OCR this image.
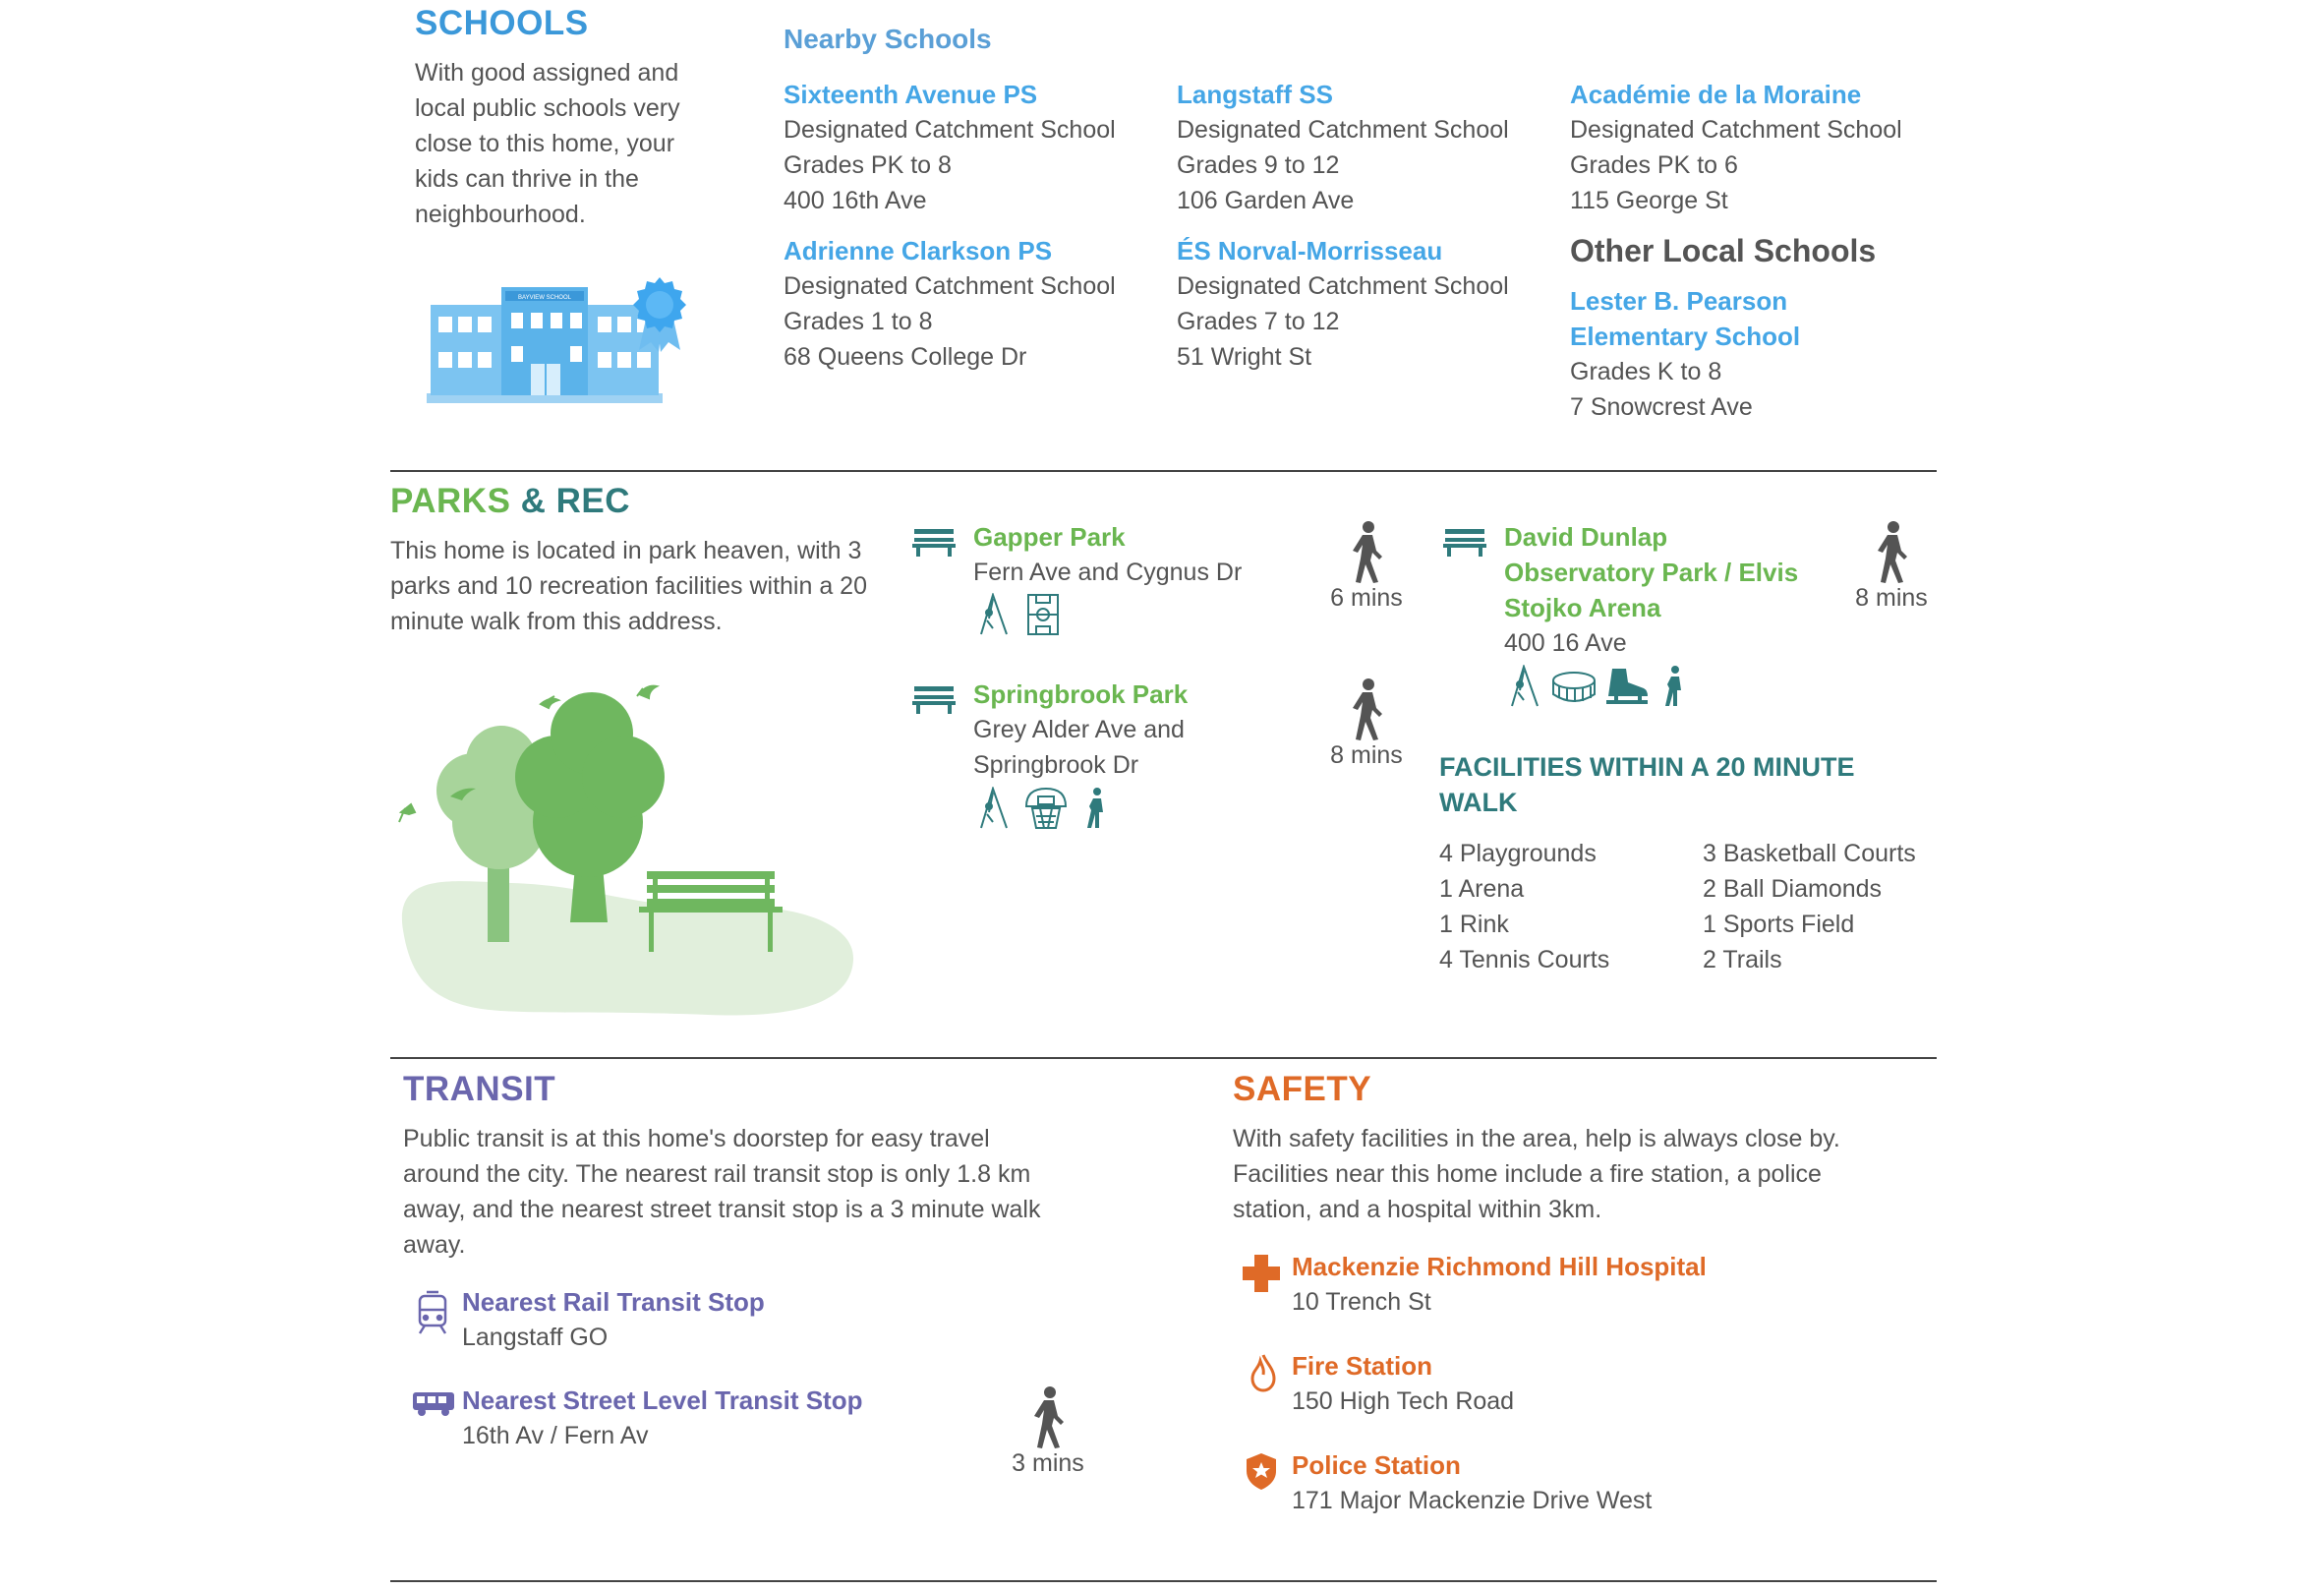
SCHOOLS
With good assigned and
local public schools very
close to this home, your
kids can thrive in the
neighbourhood.
BAYVIEW SCHOOL
Nearby Schools
Sixteenth Avenue PS
Designated Catchment School
Grades PK to 8
400 16th Ave
Langstaff SS
Designated Catchment School
Grades 9 to 12
106 Garden Ave
Académie de la Moraine
Designated Catchment School
Grades PK to 6
115 George St
Adrienne Clarkson PS
Designated Catchment School
Grades 1 to 8
68 Queens College Dr
ÉS Norval-Morrisseau
Designated Catchment School
Grades 7 to 12
51 Wright St
Other Local Schools
Lester B. Pearson
Elementary School
Grades K to 8
7 Snowcrest Ave
PARKS & REC
This home is located in park heaven, with 3
parks and 10 recreation facilities within a 20
minute walk from this address.
Gapper Park
Fern Ave and Cygnus Dr
Springbrook Park
Grey Alder Ave and
Springbrook Dr
6 mins
8 mins
David Dunlap
Observatory Park / Elvis
Stojko Arena
400 16 Ave
8 mins
FACILITIES WITHIN A 20 MINUTE
WALK
4 Playgrounds
1 Arena
1 Rink
4 Tennis Courts
3 Basketball Courts
2 Ball Diamonds
1 Sports Field
2 Trails
TRANSIT
Public transit is at this home's doorstep for easy travel
around the city. The nearest rail transit stop is only 1.8 km
away, and the nearest street transit stop is a 3 minute walk
away.
Nearest Rail Transit Stop
Langstaff GO
Nearest Street Level Transit Stop
16th Av / Fern Av
3 mins
SAFETY
With safety facilities in the area, help is always close by.
Facilities near this home include a fire station, a police
station, and a hospital within 3km.
Mackenzie Richmond Hill Hospital
10 Trench St
Fire Station
150 High Tech Road
Police Station
171 Major Mackenzie Drive West
